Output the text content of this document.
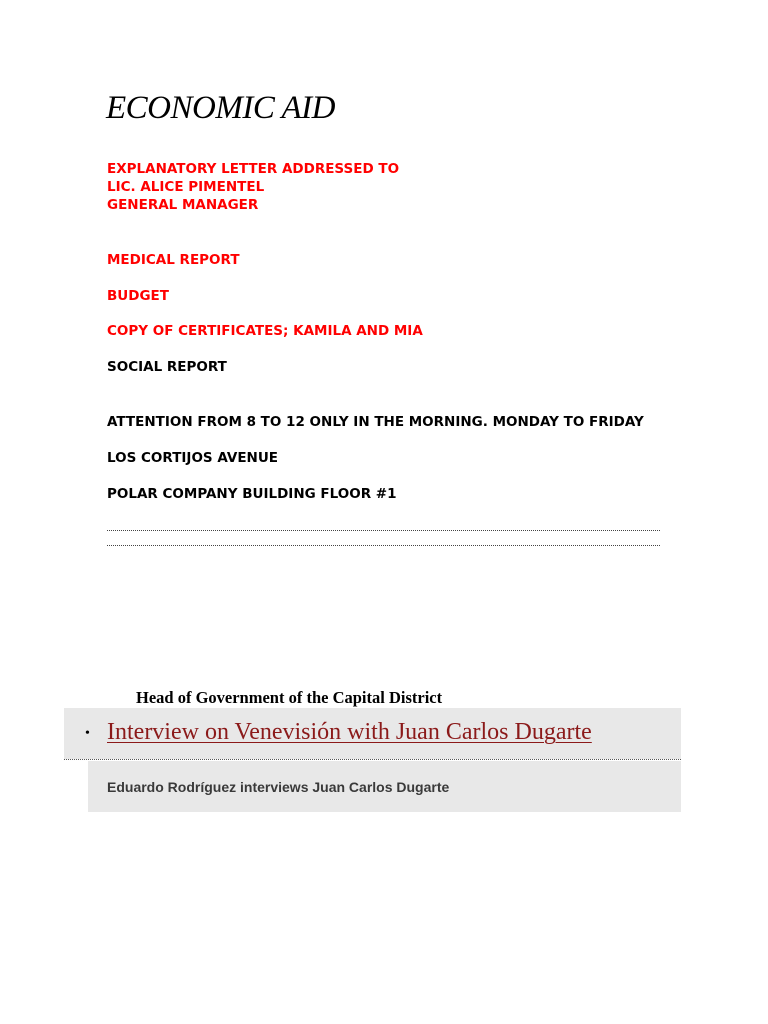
ECONOMIC AID

EXPLANATORY LETTER ADDRESSED TO

LIC. ALICE PIMENTEL

GENERAL MANAGER

MEDICAL REPORT

BUDGET

COPY OF CERTIFICATES; KAMILA AND MIA

SOCIAL REPORT

ATTENTION FROM 8 TO 12 ONLY IN THE MORNING. MONDAY TO FRIDAY

LOS CORTIJOS AVENUE

POLAR COMPANY BUILDING FLOOR #1

Head of Government of the Capital District

• Interview on Venevisión with Juan Carlos Dugarte
Eduardo Rodríguez interviews Juan Carlos Dugarte
